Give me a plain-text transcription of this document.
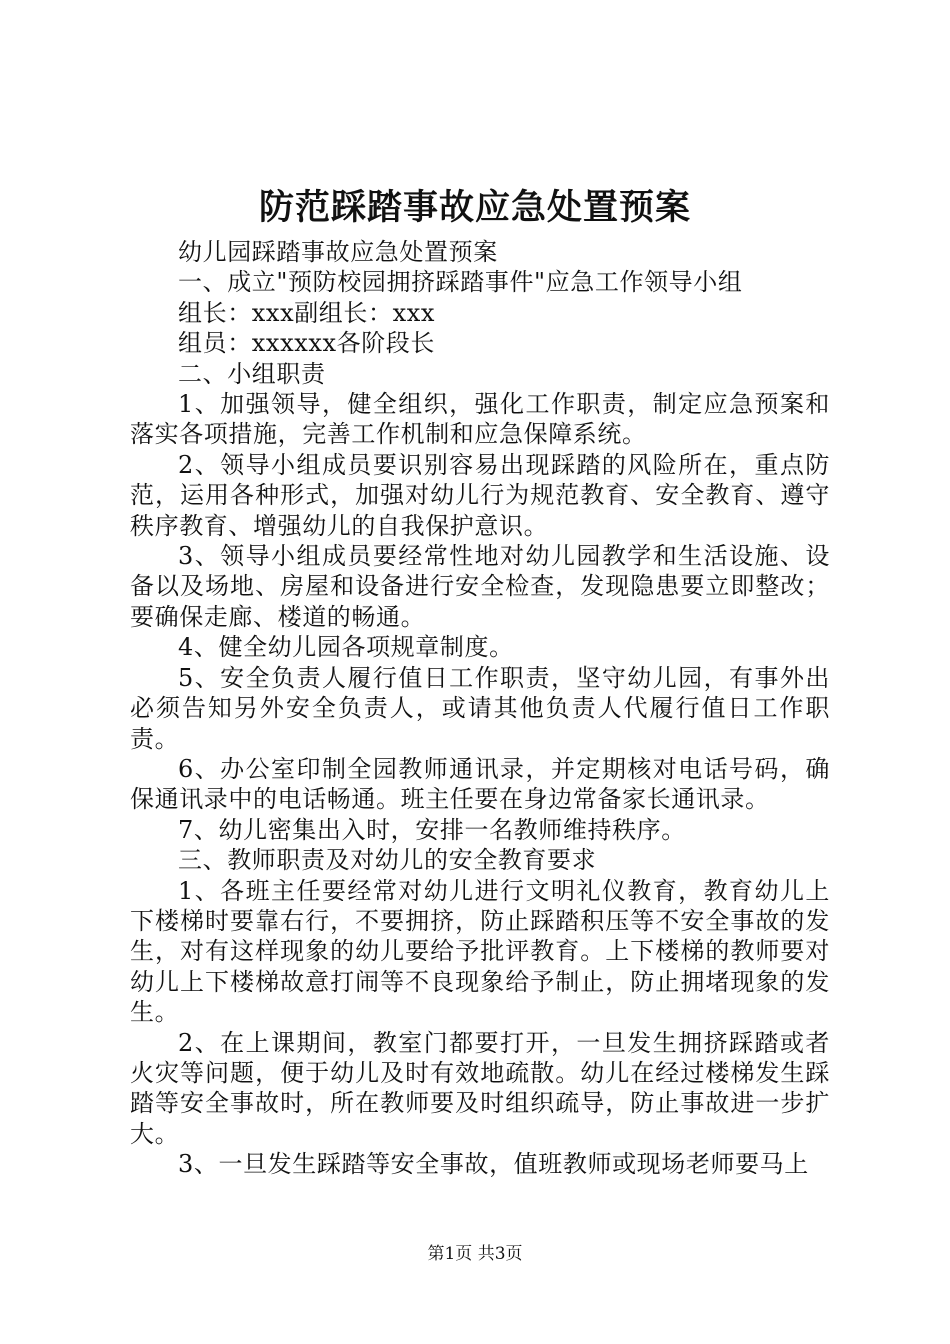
防范踩踏事故应急处置预案

幼儿园踩踏事故应急处置预案

一、成立"预防校园拥挤踩踏事件"应急工作领导小组

组长：xxx副组长：xxx

组员：xxxxxx各阶段长

二、小组职责

1、加强领导，健全组织，强化工作职责，制定应急预案和落实各项措施，完善工作机制和应急保障系统。

2、领导小组成员要识别容易出现踩踏的风险所在，重点防范，运用各种形式，加强对幼儿行为规范教育、安全教育、遵守秩序教育、增强幼儿的自我保护意识。

3、领导小组成员要经常性地对幼儿园教学和生活设施、设备以及场地、房屋和设备进行安全检查，发现隐患要立即整改；要确保走廊、楼道的畅通。

4、健全幼儿园各项规章制度。

5、安全负责人履行值日工作职责，坚守幼儿园，有事外出必须告知另外安全负责人，或请其他负责人代履行值日工作职责。

6、办公室印制全园教师通讯录，并定期核对电话号码，确保通讯录中的电话畅通。班主任要在身边常备家长通讯录。

7、幼儿密集出入时，安排一名教师维持秩序。

三、教师职责及对幼儿的安全教育要求

1、各班主任要经常对幼儿进行文明礼仪教育，教育幼儿上下楼梯时要靠右行，不要拥挤，防止踩踏积压等不安全事故的发生，对有这样现象的幼儿要给予批评教育。上下楼梯的教师要对幼儿上下楼梯故意打闹等不良现象给予制止，防止拥堵现象的发生。

2、在上课期间，教室门都要打开，一旦发生拥挤踩踏或者火灾等问题，便于幼儿及时有效地疏散。幼儿在经过楼梯发生踩踏等安全事故时，所在教师要及时组织疏导，防止事故进一步扩大。

3、一旦发生踩踏等安全事故，值班教师或现场老师要马上

第1页 共3页
